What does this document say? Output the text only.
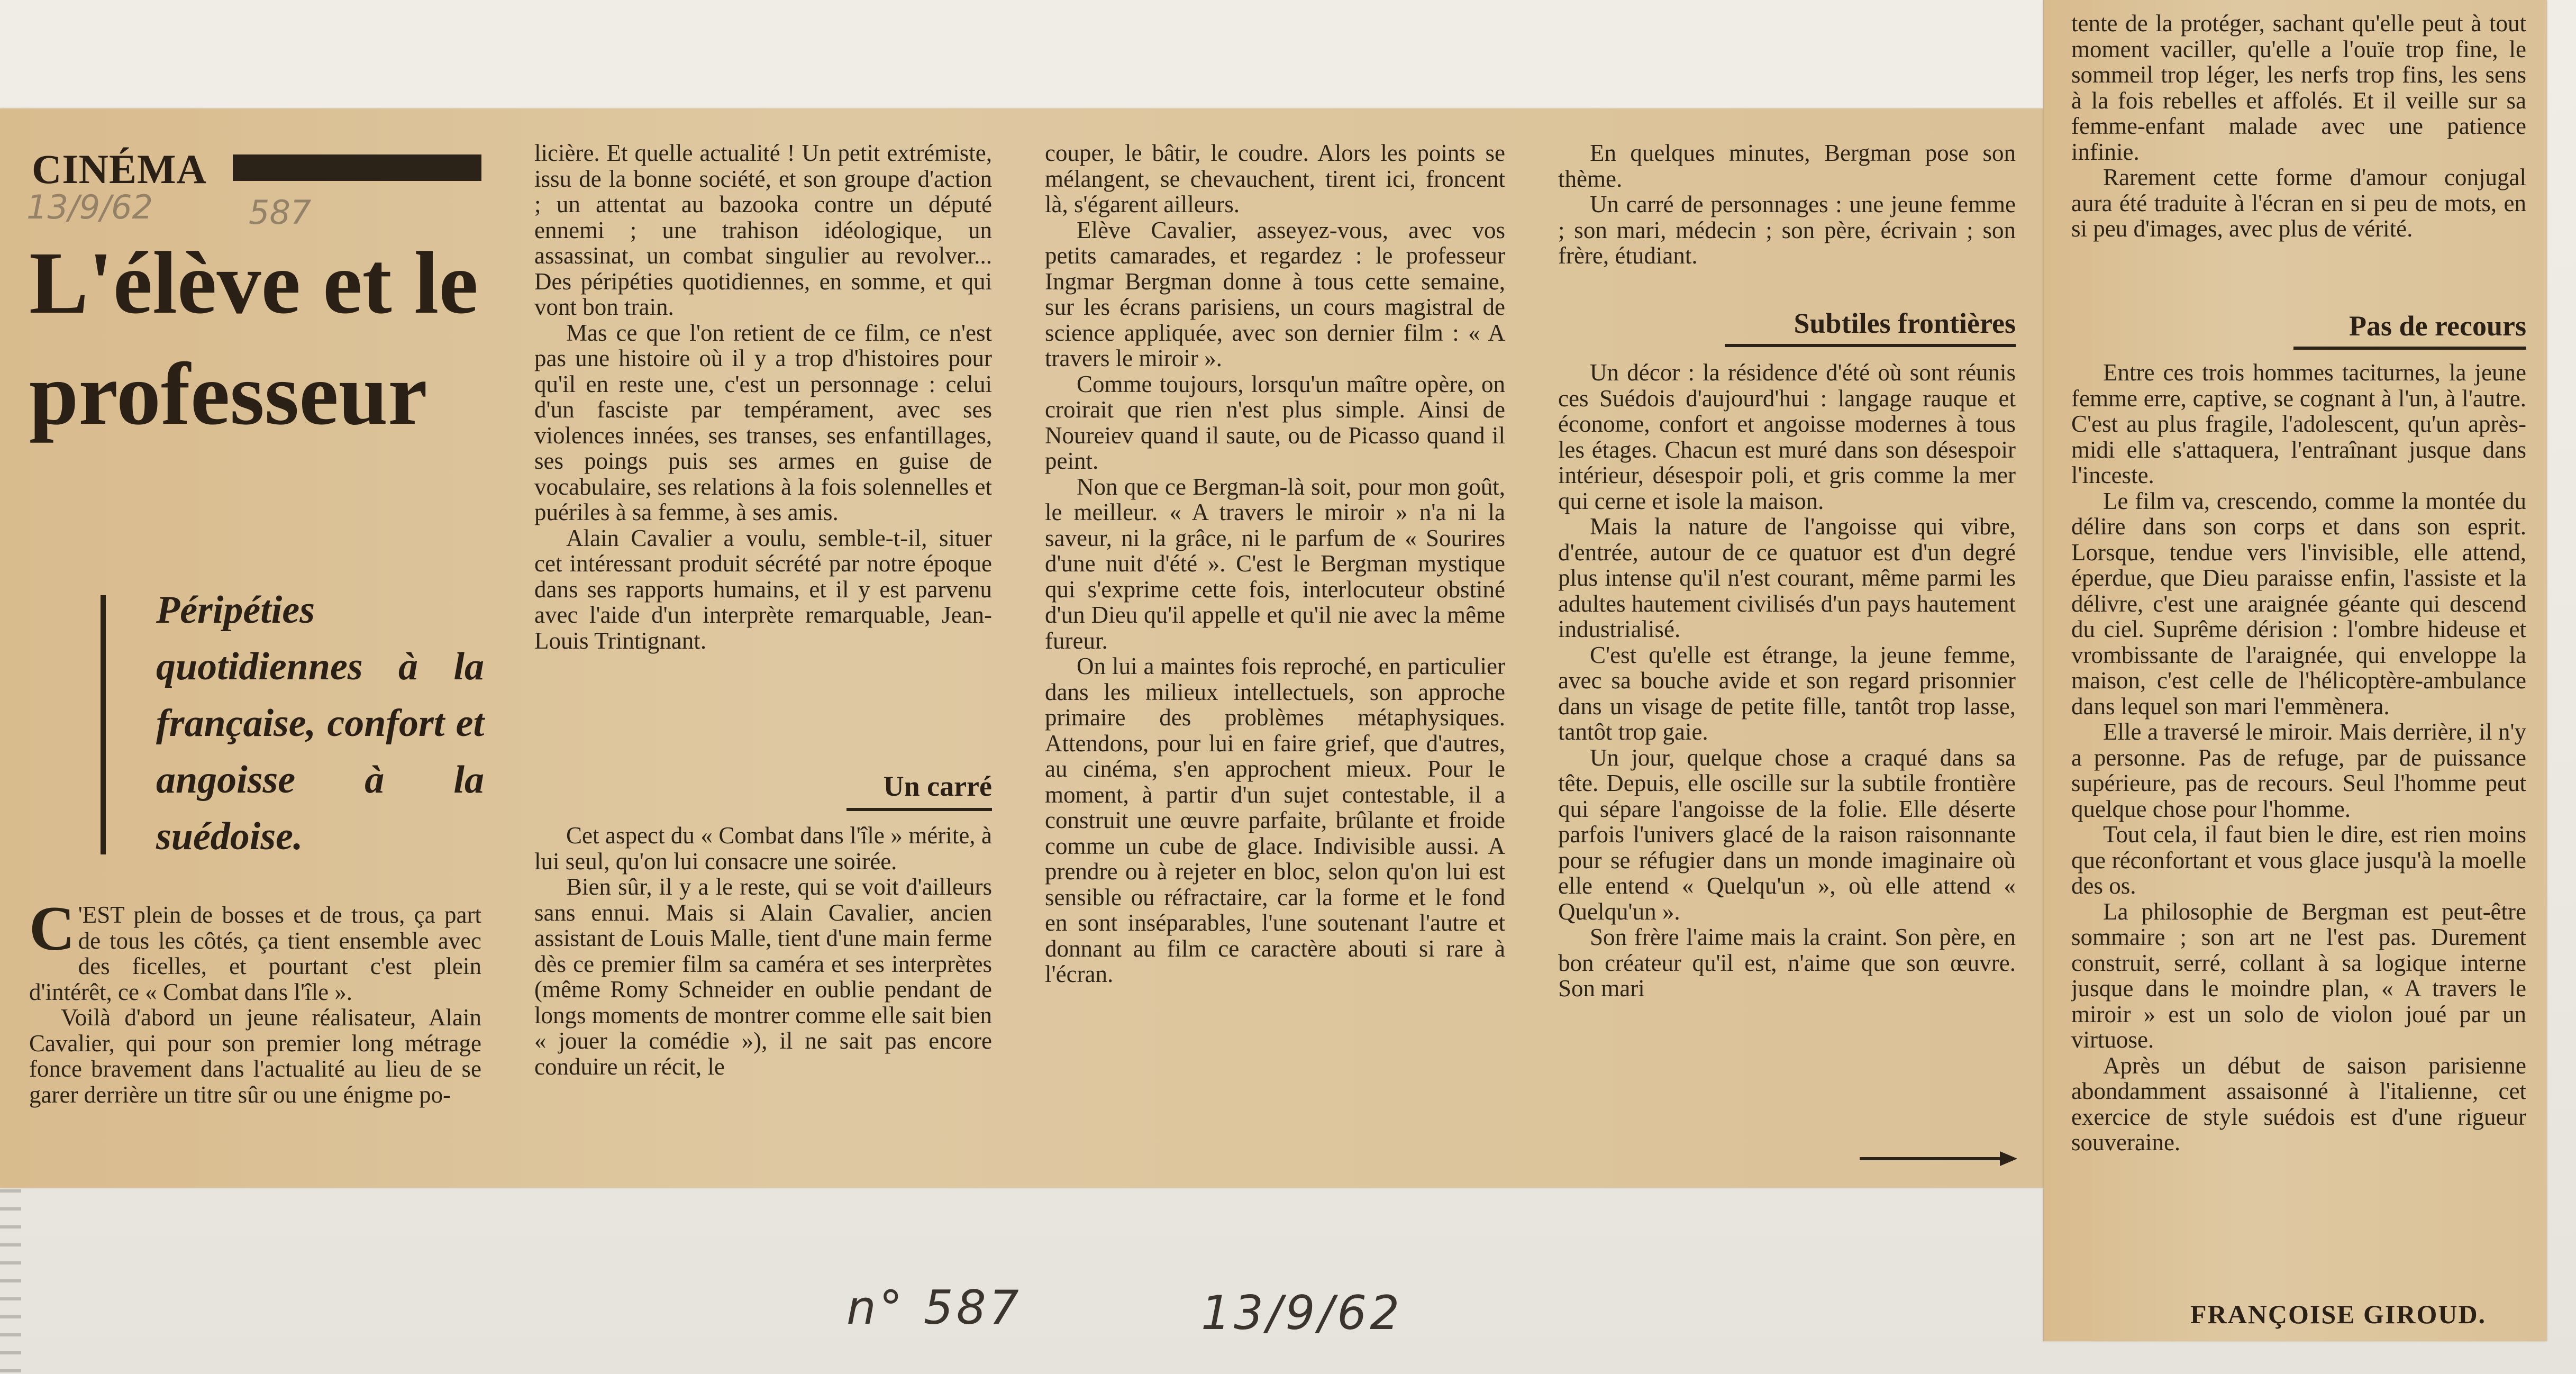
CINÉMA
13/9/62	587
L'élève et le professeur
Péripéties quotidiennes à la française, confort et angoisse à la suédoise.

C 'EST plein de bosses et de trous, ça part de tous les côtés, ça tient ensemble avec des ficelles, et pourtant c'est plein d'intérêt, ce « Combat dans l'île ».

Voilà d'abord un jeune réalisateur, Alain Cavalier, qui pour son premier long métrage fonce bravement dans l'actualité au lieu de se garer derrière un titre sûr ou une énigme po-

licière. Et quelle actualité ! Un petit extrémiste, issu de la bonne société, et son groupe d'action ; un attentat au bazooka contre un député ennemi ; une trahison idéologique, un assassinat, un combat singulier au revolver... Des péripéties quotidiennes, en somme, et qui vont bon train.

Mas ce que l'on retient de ce film, ce n'est pas une histoire où il y a trop d'histoires pour qu'il en reste une, c'est un personnage : celui d'un fasciste par tempérament, avec ses violences innées, ses transes, ses enfantillages, ses poings puis ses armes en guise de vocabulaire, ses relations à la fois solennelles et puériles à sa femme, à ses amis.

Alain Cavalier a voulu, semble-t-il, situer cet intéressant produit sécrété par notre époque dans ses rapports humains, et il y est parvenu avec l'aide d'un interprète remarquable, Jean-Louis Trintignant.

Un carré

Cet aspect du « Combat dans l'île » mérite, à lui seul, qu'on lui consacre une soirée.

Bien sûr, il y a le reste, qui se voit d'ailleurs sans ennui. Mais si Alain Cavalier, ancien assistant de Louis Malle, tient d'une main ferme dès ce premier film sa caméra et ses interprètes (même Romy Schneider en oublie pendant de longs moments de montrer comme elle sait bien « jouer la comédie »), il ne sait pas encore conduire un récit, le

couper, le bâtir, le coudre. Alors les points se mélangent, se chevauchent, tirent ici, froncent là, s'égarent ailleurs.

Elève Cavalier, asseyez-vous, avec vos petits camarades, et regardez : le professeur Ingmar Bergman donne à tous cette semaine, sur les écrans parisiens, un cours magistral de science appliquée, avec son dernier film : « A travers le miroir ».

Comme toujours, lorsqu'un maître opère, on croirait que rien n'est plus simple. Ainsi de Noureiev quand il saute, ou de Picasso quand il peint.

Non que ce Bergman-là soit, pour mon goût, le meilleur. « A travers le miroir » n'a ni la saveur, ni la grâce, ni le parfum de « Sourires d'une nuit d'été ». C'est le Bergman mystique qui s'exprime cette fois, interlocuteur obstiné d'un Dieu qu'il appelle et qu'il nie avec la même fureur.

On lui a maintes fois reproché, en particulier dans les milieux intellectuels, son approche primaire des problèmes métaphysiques. Attendons, pour lui en faire grief, que d'autres, au cinéma, s'en approchent mieux. Pour le moment, à partir d'un sujet contestable, il a construit une œuvre parfaite, brûlante et froide comme un cube de glace. Indivisible aussi. A prendre ou à rejeter en bloc, selon qu'on lui est sensible ou réfractaire, car la forme et le fond en sont inséparables, l'une soutenant l'autre et donnant au film ce caractère abouti si rare à l'écran.

En quelques minutes, Bergman pose son thème.

Un carré de personnages : une jeune femme ; son mari, médecin ; son père, écrivain ; son frère, étudiant.

Subtiles frontières

Un décor : la résidence d'été où sont réunis ces Suédois d'aujourd'hui : langage rauque et économe, confort et angoisse modernes à tous les étages. Chacun est muré dans son désespoir intérieur, désespoir poli, et gris comme la mer qui cerne et isole la maison.

Mais la nature de l'angoisse qui vibre, d'entrée, autour de ce quatuor est d'un degré plus intense qu'il n'est courant, même parmi les adultes hautement civilisés d'un pays hautement industrialisé.

C'est qu'elle est étrange, la jeune femme, avec sa bouche avide et son regard prisonnier dans un visage de petite fille, tantôt trop lasse, tantôt trop gaie.

Un jour, quelque chose a craqué dans sa tête. Depuis, elle oscille sur la subtile frontière qui sépare l'angoisse de la folie. Elle déserte parfois l'univers glacé de la raison raisonnante pour se réfugier dans un monde imaginaire où elle entend « Quelqu'un », où elle attend « Quelqu'un ».

Son frère l'aime mais la craint. Son père, en bon créateur qu'il est, n'aime que son œuvre. Son mari

tente de la protéger, sachant qu'elle peut à tout moment vaciller, qu'elle a l'ouïe trop fine, le sommeil trop léger, les nerfs trop fins, les sens à la fois rebelles et affolés. Et il veille sur sa femme-enfant malade avec une patience infinie.

Rarement cette forme d'amour conjugal aura été traduite à l'écran en si peu de mots, en si peu d'images, avec plus de vérité.

Pas de recours

Entre ces trois hommes taciturnes, la jeune femme erre, captive, se cognant à l'un, à l'autre. C'est au plus fragile, l'adolescent, qu'un après-midi elle s'attaquera, l'entraînant jusque dans l'inceste.

Le film va, crescendo, comme la montée du délire dans son corps et dans son esprit. Lorsque, tendue vers l'invisible, elle attend, éperdue, que Dieu paraisse enfin, l'assiste et la délivre, c'est une araignée géante qui descend du ciel. Suprême dérision : l'ombre hideuse et vrombissante de l'araignée, qui enveloppe la maison, c'est celle de l'hélicoptère-ambulance dans lequel son mari l'emmènera.

Elle a traversé le miroir. Mais derrière, il n'y a personne. Pas de refuge, par de puissance supérieure, pas de recours. Seul l'homme peut quelque chose pour l'homme.

Tout cela, il faut bien le dire, est rien moins que réconfortant et vous glace jusqu'à la moelle des os.

La philosophie de Bergman est peut-être sommaire ; son art ne l'est pas. Durement construit, serré, collant à sa logique interne jusque dans le moindre plan, « A travers le miroir » est un solo de violon joué par un virtuose.

Après un début de saison parisienne abondamment assaisonné à l'italienne, cet exercice de style suédois est d'une rigueur souveraine.

FRANÇOISE GIROUD.
n° 587	13/9/62
